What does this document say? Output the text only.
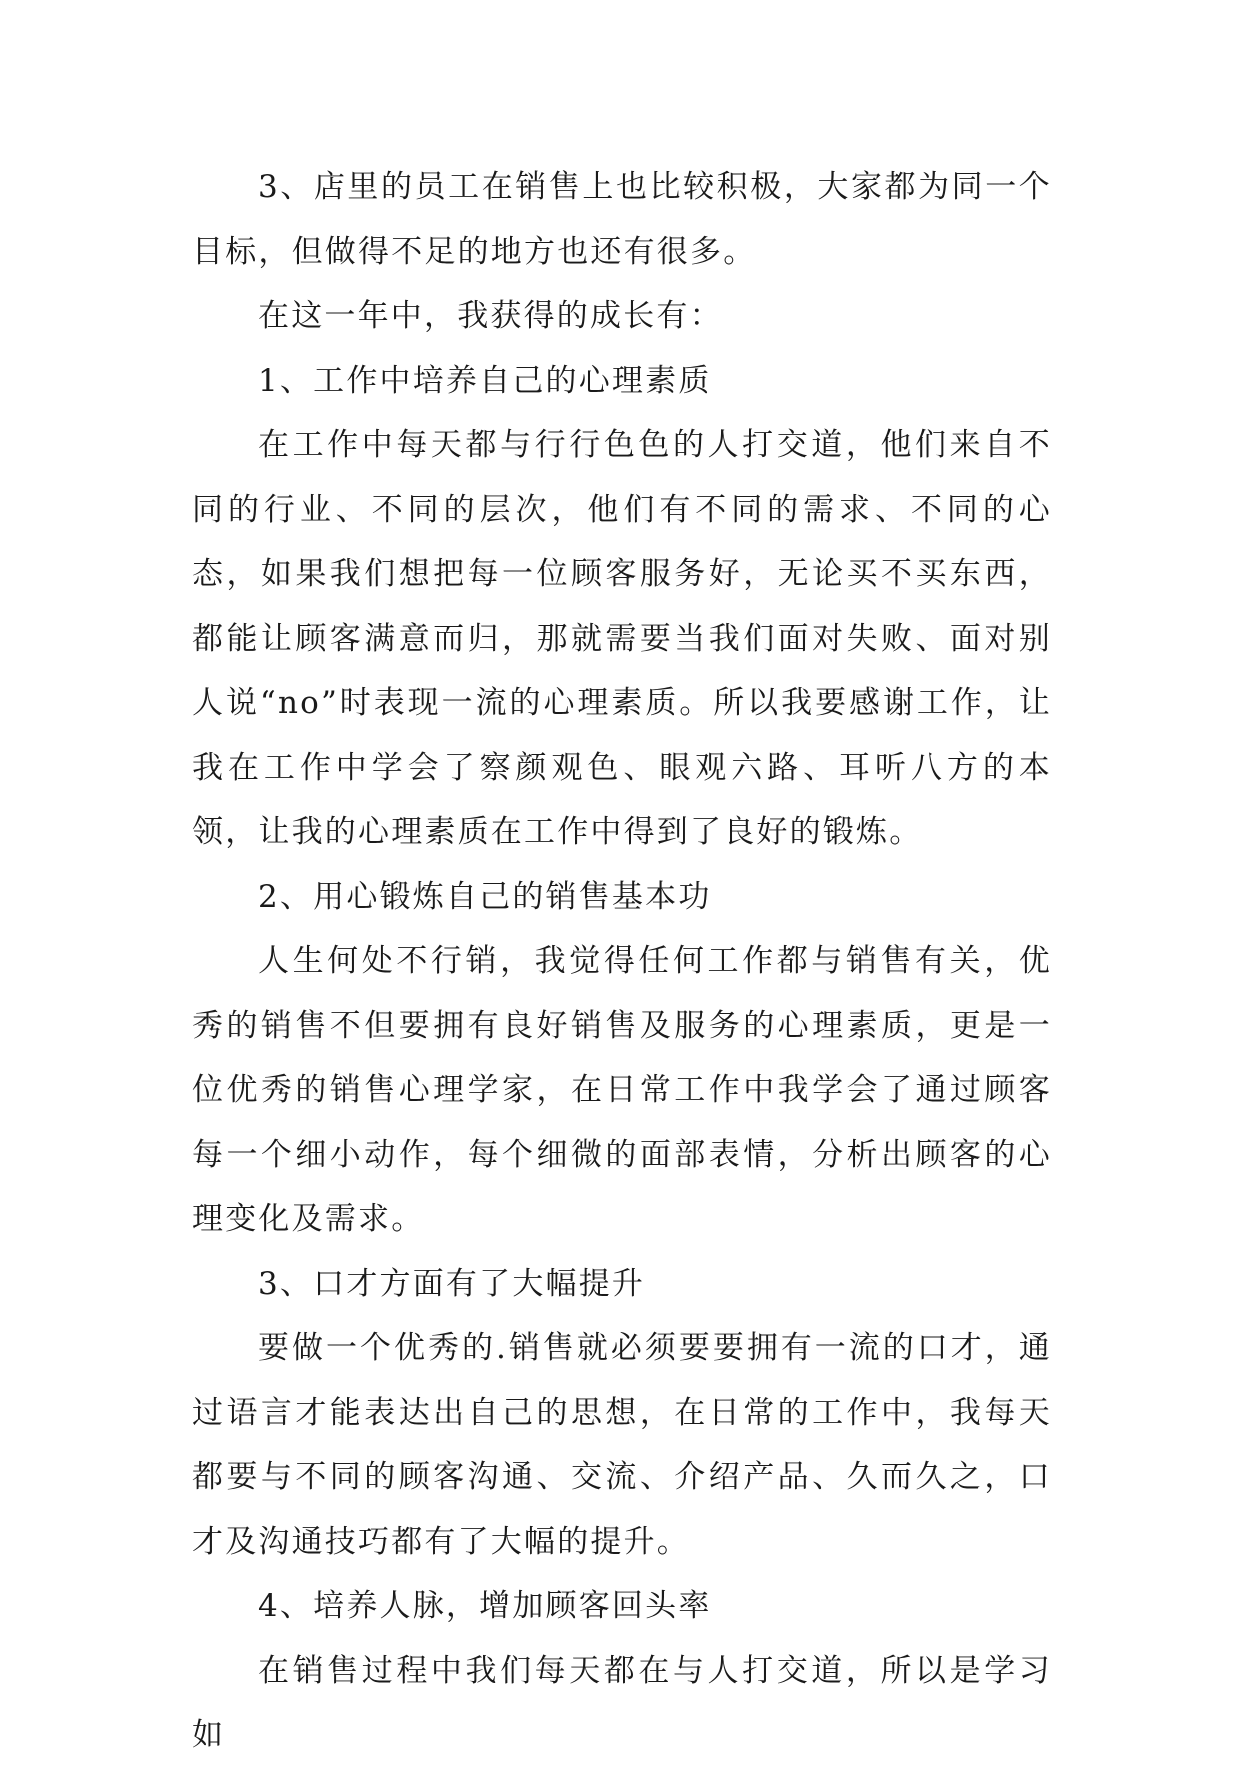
3、店里的员工在销售上也比较积极，大家都为同一个目标，但做得不足的地方也还有很多。

在这一年中，我获得的成长有：

1、工作中培养自己的心理素质

在工作中每天都与行行色色的人打交道，他们来自不同的行业、不同的层次，他们有不同的需求、不同的心态，如果我们想把每一位顾客服务好，无论买不买东西，都能让顾客满意而归，那就需要当我们面对失败、面对别人说“no”时表现一流的心理素质。所以我要感谢工作，让我在工作中学会了察颜观色、眼观六路、耳听八方的本领，让我的心理素质在工作中得到了良好的锻炼。

2、用心锻炼自己的销售基本功

人生何处不行销，我觉得任何工作都与销售有关，优秀的销售不但要拥有良好销售及服务的心理素质，更是一位优秀的销售心理学家，在日常工作中我学会了通过顾客每一个细小动作，每个细微的面部表情，分析出顾客的心理变化及需求。

3、口才方面有了大幅提升

要做一个优秀的.销售就必须要要拥有一流的口才，通过语言才能表达出自己的思想，在日常的工作中，我每天都要与不同的顾客沟通、交流、介绍产品、久而久之，口才及沟通技巧都有了大幅的提升。

4、培养人脉，增加顾客回头率

在销售过程中我们每天都在与人打交道，所以是学习如
